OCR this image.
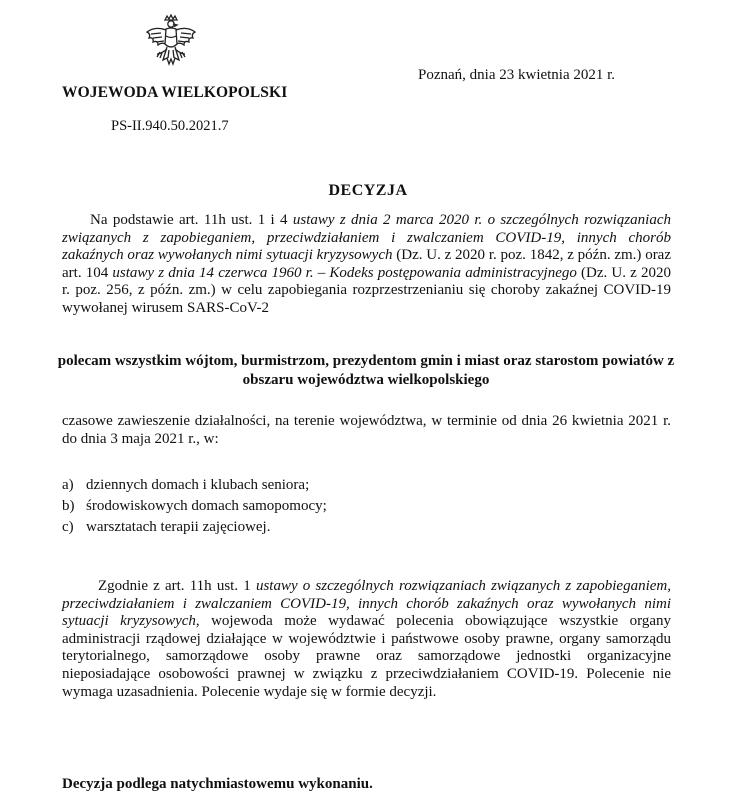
WOJEWODA WIELKOPOLSKI
Poznań, dnia 23 kwietnia 2021 r.
PS-II.940.50.2021.7
DECYZJA
Na podstawie art. 11h ust. 1 i 4 ustawy z dnia 2 marca 2020 r. o szczególnych rozwiązaniach związanych z zapobieganiem, przeciwdziałaniem i zwalczaniem COVID-19, innych chorób zakaźnych oraz wywołanych nimi sytuacji kryzysowych (Dz. U. z 2020 r. poz. 1842, z późn. zm.) oraz art. 104 ustawy z dnia 14 czerwca 1960 r. – Kodeks postępowania administracyjnego (Dz. U. z 2020 r. poz. 256, z późn. zm.) w celu zapobiegania rozprzestrzenianiu się choroby zakaźnej COVID-19 wywołanej wirusem SARS-CoV-2
polecam wszystkim wójtom, burmistrzom, prezydentom gmin i miast oraz starostom powiatów z obszaru województwa wielkopolskiego
czasowe zawieszenie działalności, na terenie województwa, w terminie od dnia 26 kwietnia 2021 r. do dnia 3 maja 2021 r., w:
a) dziennych domach i klubach seniora;
b) środowiskowych domach samopomocy;
c) warsztatach terapii zajęciowej.
Zgodnie z art. 11h ust. 1 ustawy o szczególnych rozwiązaniach związanych z zapobieganiem, przeciwdziałaniem i zwalczaniem COVID-19, innych chorób zakaźnych oraz wywołanych nimi sytuacji kryzysowych, wojewoda może wydawać polecenia obowiązujące wszystkie organy administracji rządowej działające w województwie i państwowe osoby prawne, organy samorządu terytorialnego, samorządowe osoby prawne oraz samorządowe jednostki organizacyjne nieposiadające osobowości prawnej w związku z przeciwdziałaniem COVID-19. Polecenie nie wymaga uzasadnienia. Polecenie wydaje się w formie decyzji.
Decyzja podlega natychmiastowemu wykonaniu.
